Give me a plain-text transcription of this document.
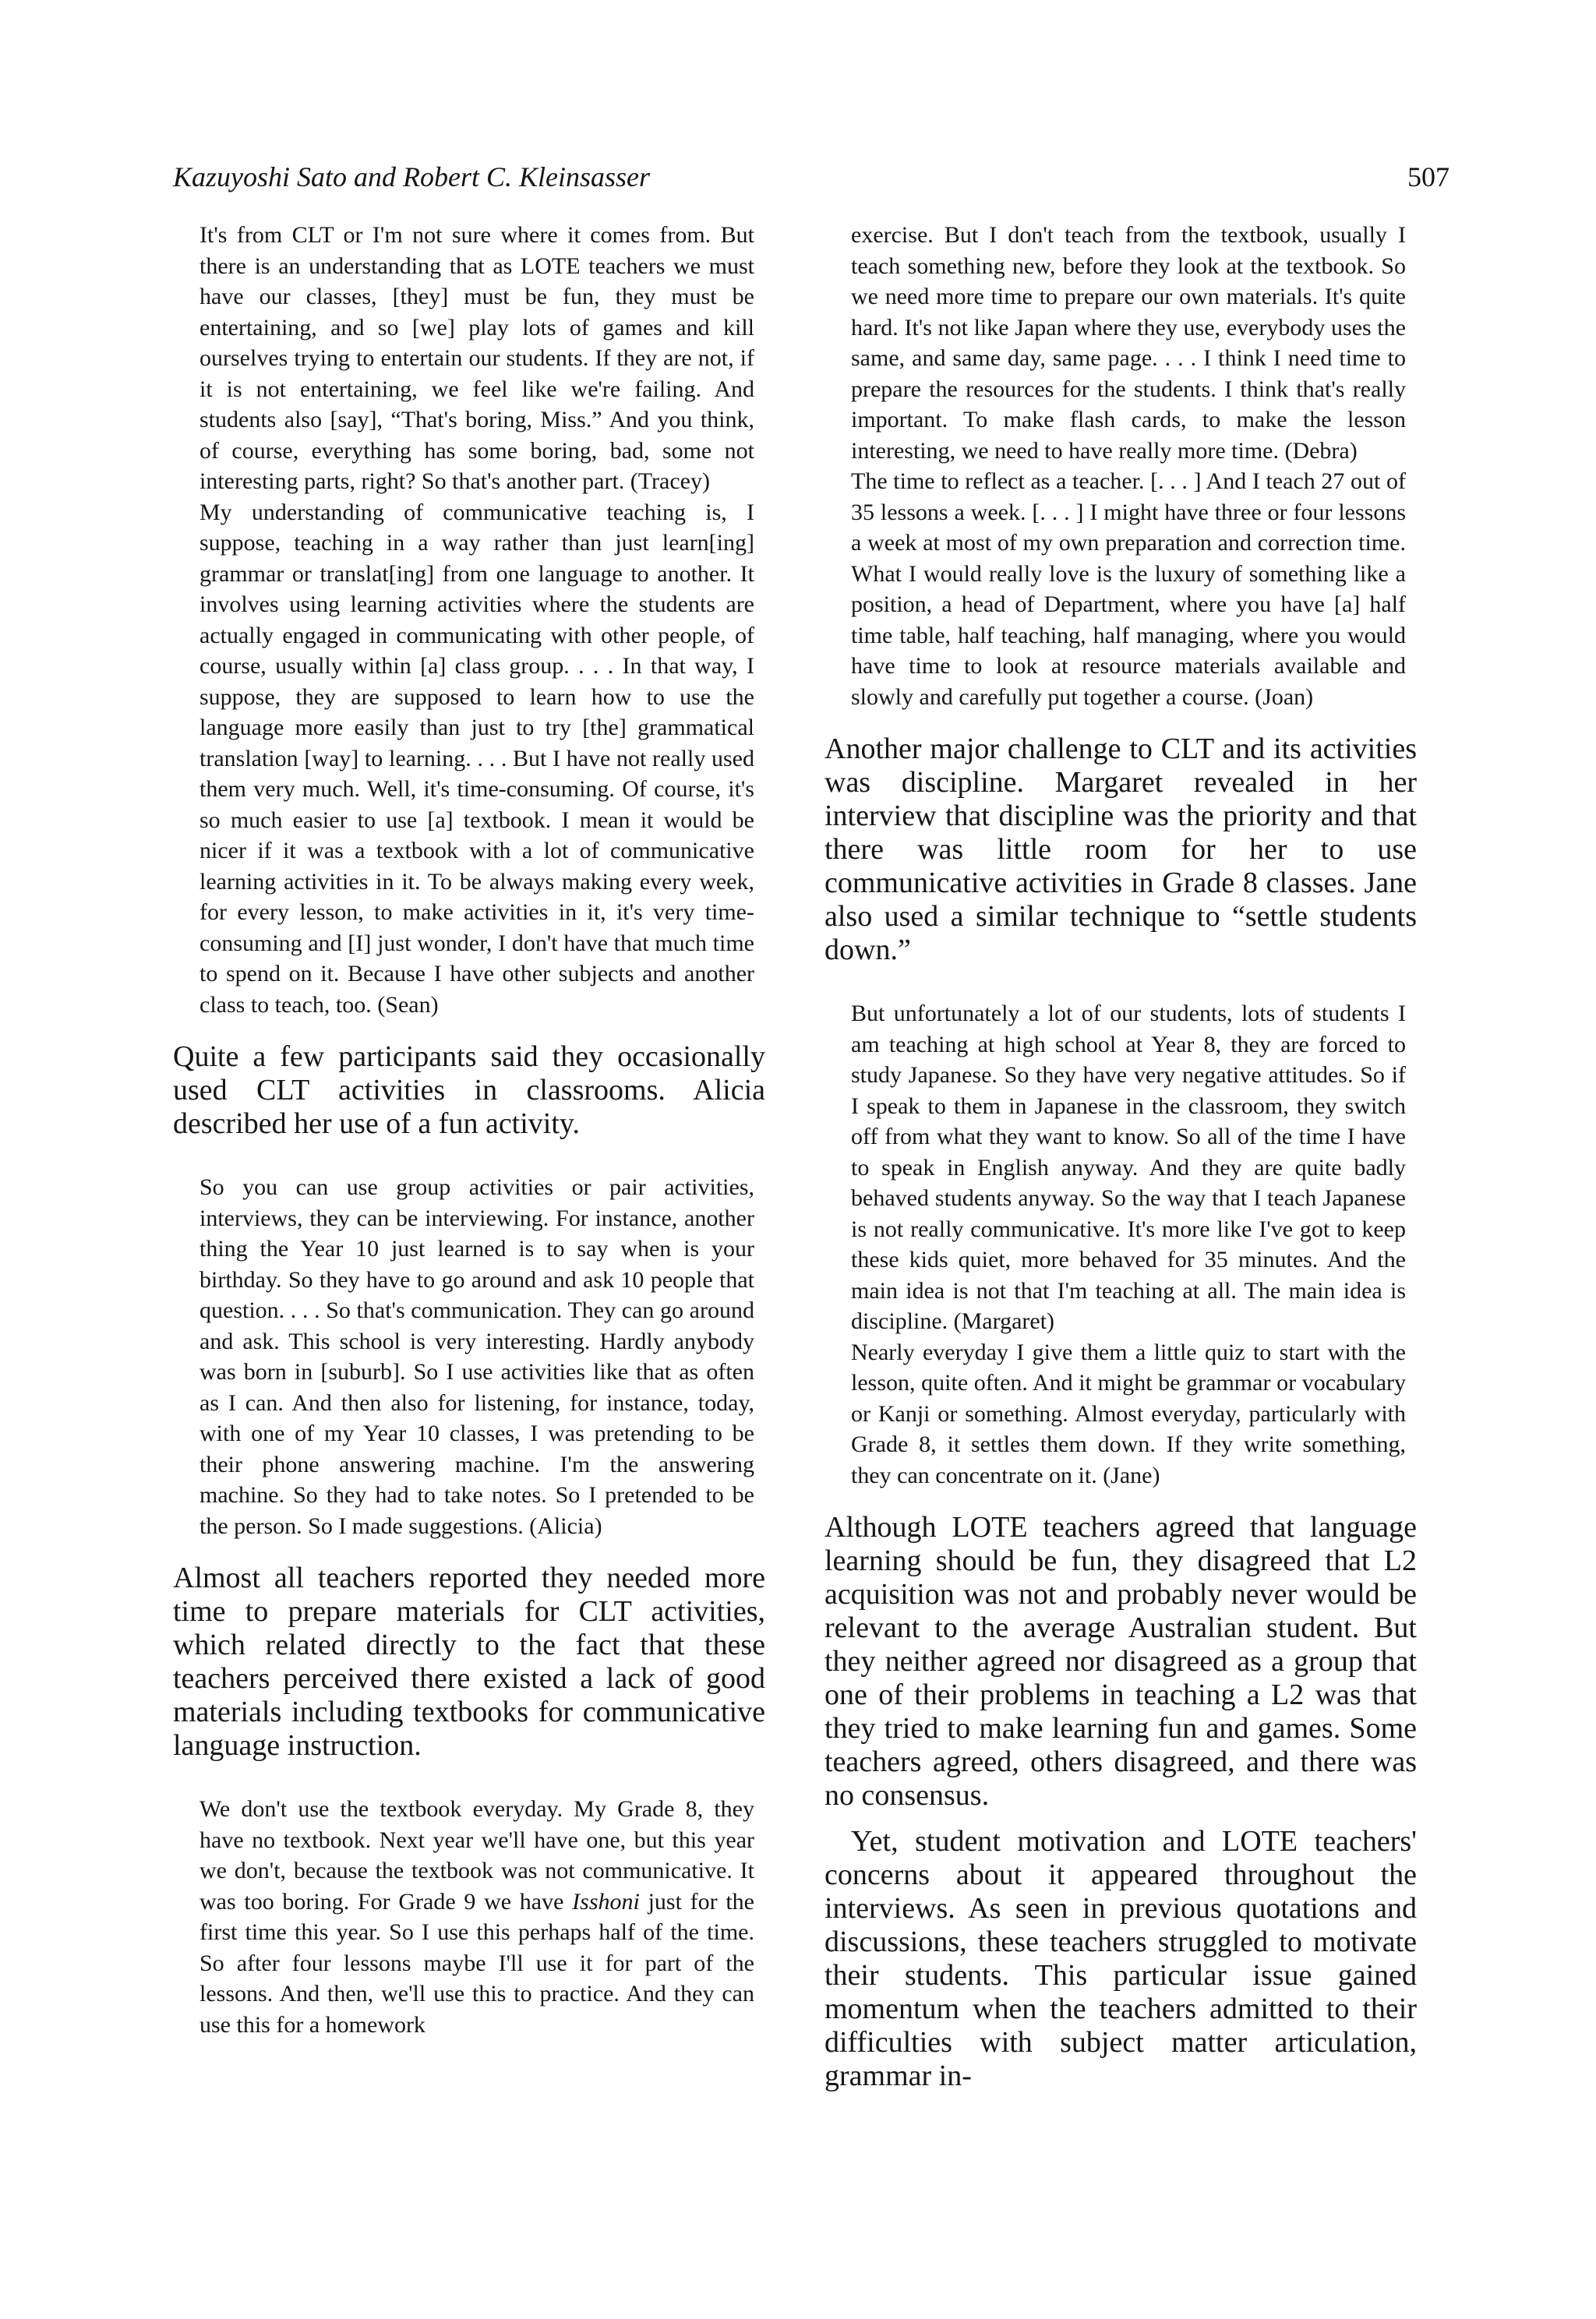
Kazuyoshi Sato and Robert C. Kleinsasser	507

It's from CLT or I'm not sure where it comes from. But there is an understanding that as LOTE teachers we must have our classes, [they] must be fun, they must be entertaining, and so [we] play lots of games and kill ourselves trying to entertain our students. If they are not, if it is not entertaining, we feel like we're failing. And students also [say], “That's boring, Miss.” And you think, of course, everything has some boring, bad, some not interesting parts, right? So that's another part. (Tracey)

My understanding of communicative teaching is, I suppose, teaching in a way rather than just learn[ing] grammar or translat[ing] from one language to another. It involves using learning activities where the students are actually engaged in communicating with other people, of course, usually within [a] class group. . . . In that way, I suppose, they are supposed to learn how to use the language more easily than just to try [the] grammatical translation [way] to learning. . . . But I have not really used them very much. Well, it's time-consuming. Of course, it's so much easier to use [a] textbook. I mean it would be nicer if it was a textbook with a lot of communicative learning activities in it. To be always making every week, for every lesson, to make activities in it, it's very time-consuming and [I] just wonder, I don't have that much time to spend on it. Because I have other subjects and another class to teach, too. (Sean)

Quite a few participants said they occasionally used CLT activities in classrooms. Alicia described her use of a fun activity.

So you can use group activities or pair activities, interviews, they can be interviewing. For instance, another thing the Year 10 just learned is to say when is your birthday. So they have to go around and ask 10 people that question. . . . So that's communication. They can go around and ask. This school is very interesting. Hardly anybody was born in [suburb]. So I use activities like that as often as I can. And then also for listening, for instance, today, with one of my Year 10 classes, I was pretending to be their phone answering machine. I'm the answering machine. So they had to take notes. So I pretended to be the person. So I made suggestions. (Alicia)

Almost all teachers reported they needed more time to prepare materials for CLT activities, which related directly to the fact that these teachers perceived there existed a lack of good materials including textbooks for communicative language instruction.

We don't use the textbook everyday. My Grade 8, they have no textbook. Next year we'll have one, but this year we don't, because the textbook was not communicative. It was too boring. For Grade 9 we have Isshoni just for the first time this year. So I use this perhaps half of the time. So after four lessons maybe I'll use it for part of the lessons. And then, we'll use this to practice. And they can use this for a homework

exercise. But I don't teach from the textbook, usually I teach something new, before they look at the textbook. So we need more time to prepare our own materials. It's quite hard. It's not like Japan where they use, everybody uses the same, and same day, same page. . . . I think I need time to prepare the resources for the students. I think that's really important. To make flash cards, to make the lesson interesting, we need to have really more time. (Debra)

The time to reflect as a teacher. [. . . ] And I teach 27 out of 35 lessons a week. [. . . ] I might have three or four lessons a week at most of my own preparation and correction time. What I would really love is the luxury of something like a position, a head of Department, where you have [a] half time table, half teaching, half managing, where you would have time to look at resource materials available and slowly and carefully put together a course. (Joan)

Another major challenge to CLT and its activities was discipline. Margaret revealed in her interview that discipline was the priority and that there was little room for her to use communicative activities in Grade 8 classes. Jane also used a similar technique to “settle students down.”

But unfortunately a lot of our students, lots of students I am teaching at high school at Year 8, they are forced to study Japanese. So they have very negative attitudes. So if I speak to them in Japanese in the classroom, they switch off from what they want to know. So all of the time I have to speak in English anyway. And they are quite badly behaved students anyway. So the way that I teach Japanese is not really communicative. It's more like I've got to keep these kids quiet, more behaved for 35 minutes. And the main idea is not that I'm teaching at all. The main idea is discipline. (Margaret)

Nearly everyday I give them a little quiz to start with the lesson, quite often. And it might be grammar or vocabulary or Kanji or something. Almost everyday, particularly with Grade 8, it settles them down. If they write something, they can concentrate on it. (Jane)

Although LOTE teachers agreed that language learning should be fun, they disagreed that L2 acquisition was not and probably never would be relevant to the average Australian student. But they neither agreed nor disagreed as a group that one of their problems in teaching a L2 was that they tried to make learning fun and games. Some teachers agreed, others disagreed, and there was no consensus.

Yet, student motivation and LOTE teachers' concerns about it appeared throughout the interviews. As seen in previous quotations and discussions, these teachers struggled to motivate their students. This particular issue gained momentum when the teachers admitted to their difficulties with subject matter articulation, grammar in-
